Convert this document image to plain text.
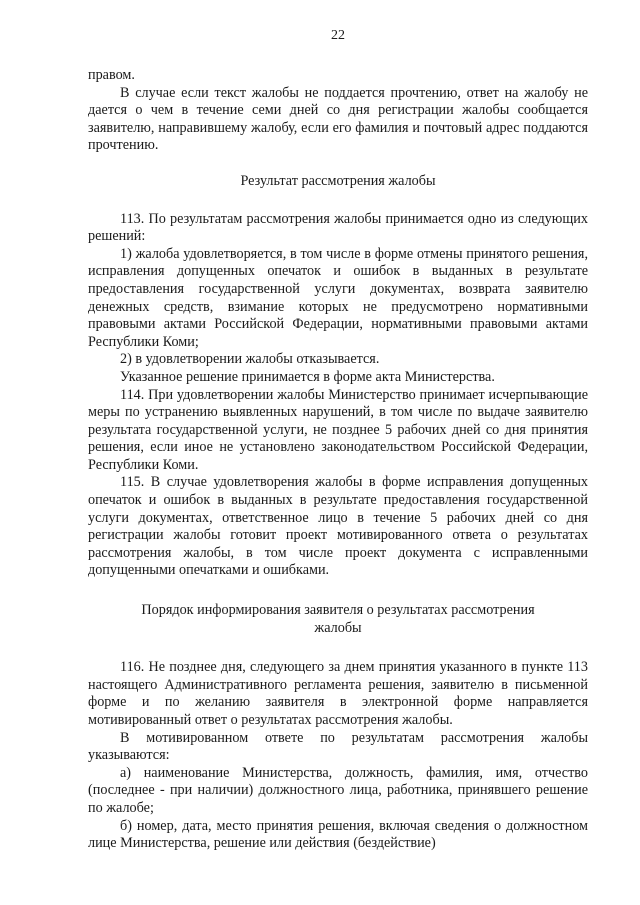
22

правом.

В случае если текст жалобы не поддается прочтению, ответ на жалобу не дается о чем в течение семи дней со дня регистрации жалобы сообщается заявителю, направившему жалобу, если его фамилия и почтовый адрес поддаются прочтению.

Результат рассмотрения жалобы

113. По результатам рассмотрения жалобы принимается одно из следующих решений:

1) жалоба удовлетворяется, в том числе в форме отмены принятого решения, исправления допущенных опечаток и ошибок в выданных в результате предоставления государственной услуги документах, возврата заявителю денежных средств, взимание которых не предусмотрено нормативными правовыми актами Российской Федерации, нормативными правовыми актами Республики Коми;

2) в удовлетворении жалобы отказывается.

Указанное решение принимается в форме акта Министерства.

114. При удовлетворении жалобы Министерство принимает исчерпывающие меры по устранению выявленных нарушений, в том числе по выдаче заявителю результата государственной услуги, не позднее 5 рабочих дней со дня принятия решения, если иное не установлено законодательством Российской Федерации, Республики Коми.

115. В случае удовлетворения жалобы в форме исправления допущенных опечаток и ошибок в выданных в результате предоставления государственной услуги документах, ответственное лицо в течение 5 рабочих дней со дня регистрации жалобы готовит проект мотивированного ответа о результатах рассмотрения жалобы, в том числе проект документа с исправленными допущенными опечатками и ошибками.

Порядок информирования заявителя о результатах рассмотрения
жалобы

116. Не позднее дня, следующего за днем принятия указанного в пункте 113 настоящего Административного регламента решения, заявителю в письменной форме и по желанию заявителя в электронной форме направляется мотивированный ответ о результатах рассмотрения жалобы.

В мотивированном ответе по результатам рассмотрения жалобы указываются:

а) наименование Министерства, должность, фамилия, имя, отчество (последнее - при наличии) должностного лица, работника, принявшего решение по жалобе;

б) номер, дата, место принятия решения, включая сведения о должностном лице Министерства, решение или действия (бездействие)
